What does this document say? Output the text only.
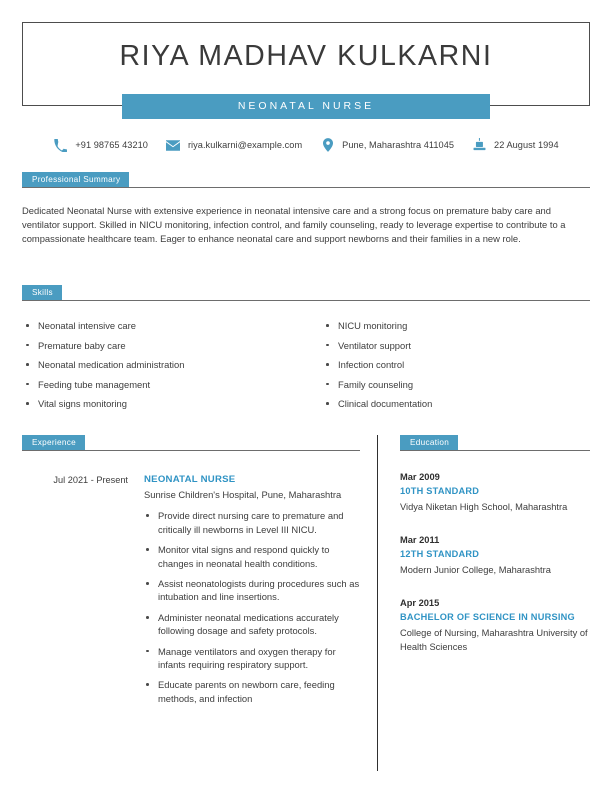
RIYA MADHAV KULKARNI
NEONATAL NURSE
+91 98765 43210	riya.kulkarni@example.com	Pune, Maharashtra 411045	22 August 1994
Professional Summary
Dedicated Neonatal Nurse with extensive experience in neonatal intensive care and a strong focus on premature baby care and ventilator support. Skilled in NICU monitoring, infection control, and family counseling, ready to leverage expertise to contribute to a compassionate healthcare team. Eager to enhance neonatal care and support newborns and their families in a new role.
Skills
Neonatal intensive care
Premature baby care
Neonatal medication administration
Feeding tube management
Vital signs monitoring
NICU monitoring
Ventilator support
Infection control
Family counseling
Clinical documentation
Experience
Jul 2021 - Present	NEONATAL NURSE
Sunrise Children's Hospital, Pune, Maharashtra
Provide direct nursing care to premature and critically ill newborns in Level III NICU.
Monitor vital signs and respond quickly to changes in neonatal health conditions.
Assist neonatologists during procedures such as intubation and line insertions.
Administer neonatal medications accurately following dosage and safety protocols.
Manage ventilators and oxygen therapy for infants requiring respiratory support.
Educate parents on newborn care, feeding methods, and infection
Education
Mar 2009
10TH STANDARD
Vidya Niketan High School, Maharashtra
Mar 2011
12TH STANDARD
Modern Junior College, Maharashtra
Apr 2015
BACHELOR OF SCIENCE IN NURSING
College of Nursing, Maharashtra University of Health Sciences
